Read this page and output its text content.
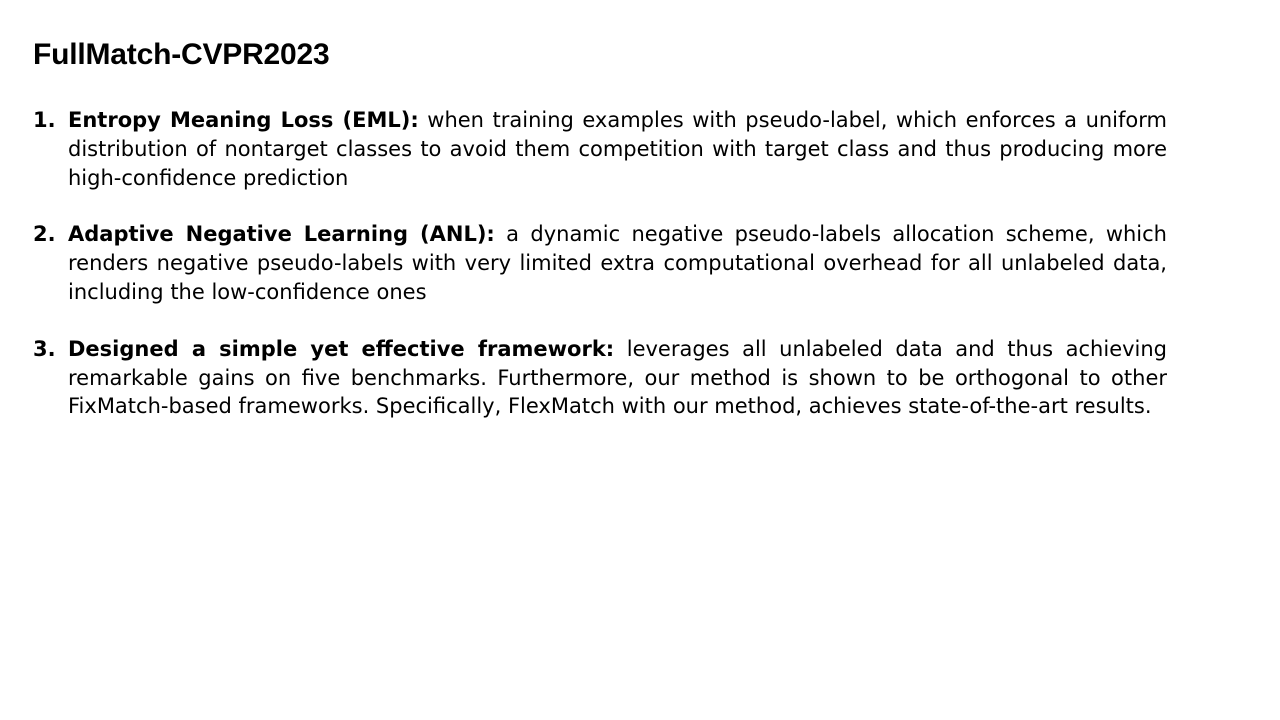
FullMatch-CVPR2023
1. Entropy Meaning Loss (EML): when training examples with pseudo-label, which enforces a uniform distribution of nontarget classes to avoid them competition with target class and thus producing more high-confidence prediction
2. Adaptive Negative Learning (ANL): a dynamic negative pseudo-labels allocation scheme, which renders negative pseudo-labels with very limited extra computational overhead for all unlabeled data, including the low-confidence ones
3. Designed a simple yet effective framework: leverages all unlabeled data and thus achieving remarkable gains on five benchmarks. Furthermore, our method is shown to be orthogonal to other FixMatch-based frameworks. Specifically, FlexMatch with our method, achieves state-of-the-art results.
